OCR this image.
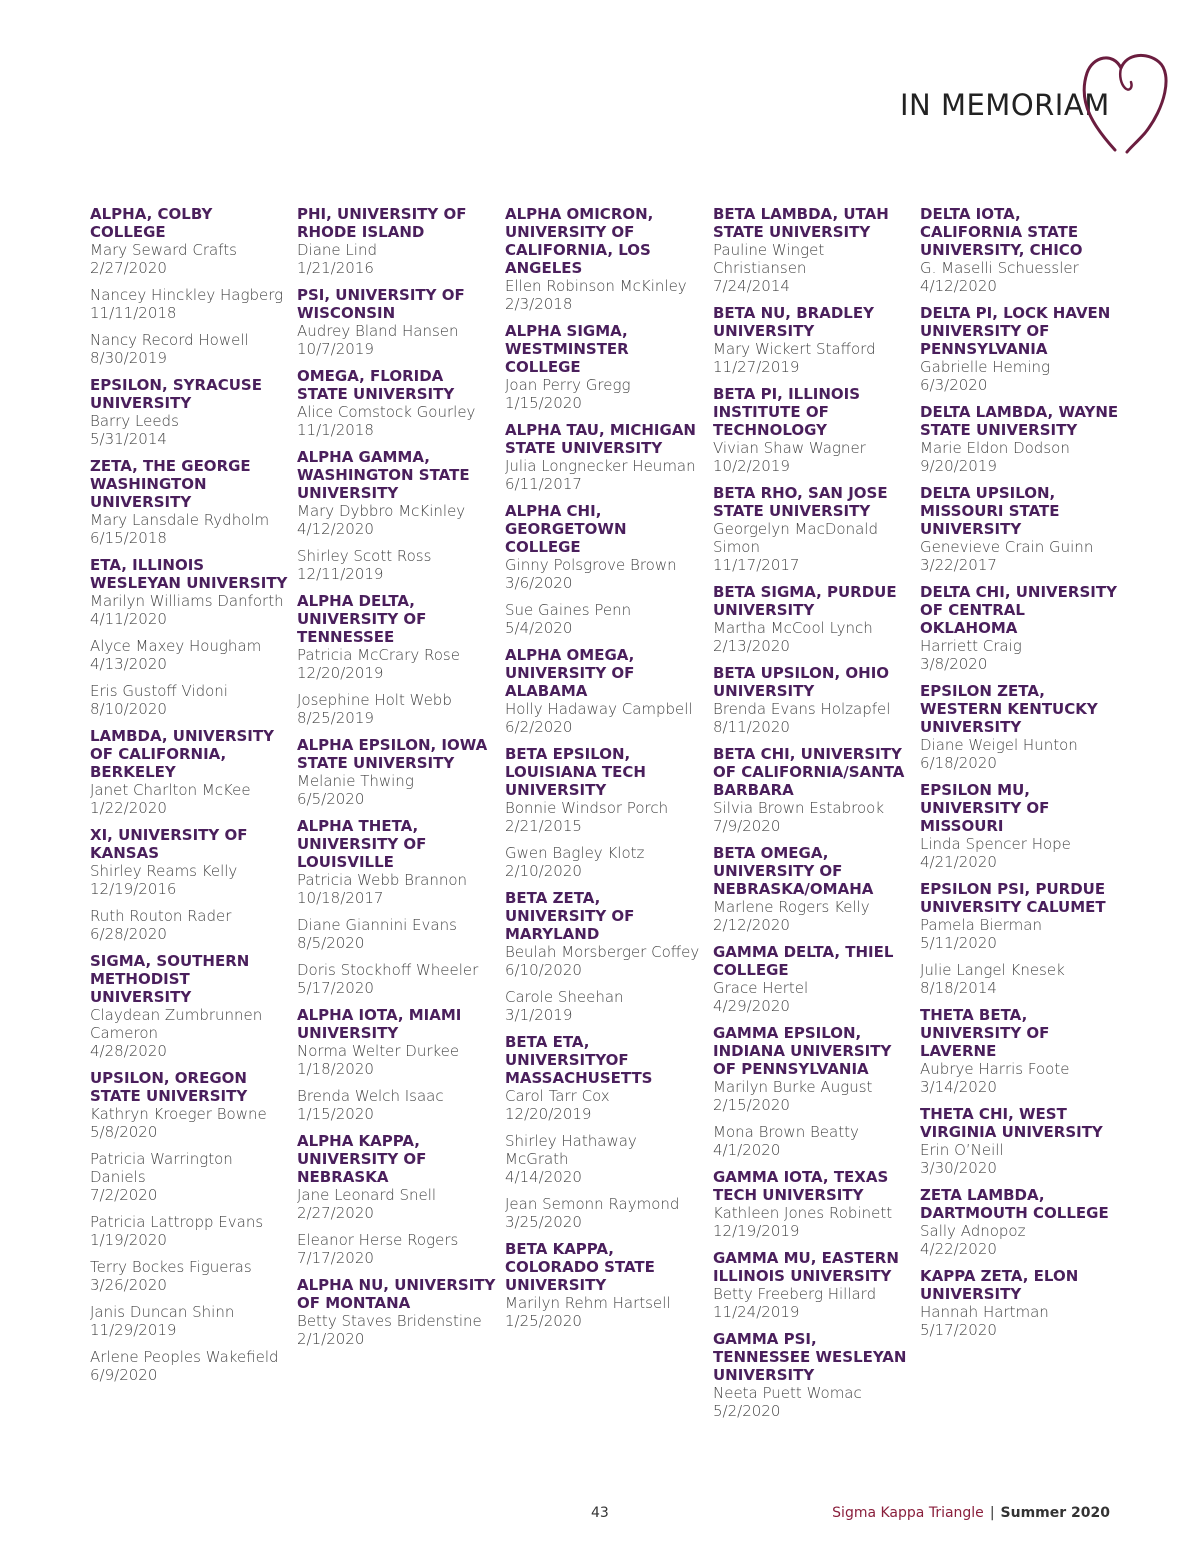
IN MEMORIAM
ALPHA, COLBY COLLEGE
Mary Seward Crafts
2/27/2020
Nancey Hinckley Hagberg
11/11/2018
Nancy Record Howell
8/30/2019
EPSILON, SYRACUSE UNIVERSITY
Barry Leeds
5/31/2014
ZETA, THE GEORGE WASHINGTON UNIVERSITY
Mary Lansdale Rydholm
6/15/2018
ETA, ILLINOIS WESLEYAN UNIVERSITY
Marilyn Williams Danforth
4/11/2020
Alyce Maxey Hougham
4/13/2020
Eris Gustoff Vidoni
8/10/2020
LAMBDA, UNIVERSITY OF CALIFORNIA, BERKELEY
Janet Charlton McKee
1/22/2020
XI, UNIVERSITY OF KANSAS
Shirley Reams Kelly
12/19/2016
Ruth Routon Rader
6/28/2020
SIGMA, SOUTHERN METHODIST UNIVERSITY
Claydean Zumbrunnen Cameron
4/28/2020
UPSILON, OREGON STATE UNIVERSITY
Kathryn Kroeger Bowne
5/8/2020
Patricia Warrington Daniels
7/2/2020
Patricia Lattropp Evans
1/19/2020
Terry Bockes Figueras
3/26/2020
Janis Duncan Shinn
11/29/2019
Arlene Peoples Wakefield
6/9/2020
PHI, UNIVERSITY OF RHODE ISLAND
Diane Lind
1/21/2016
PSI, UNIVERSITY OF WISCONSIN
Audrey Bland Hansen
10/7/2019
OMEGA, FLORIDA STATE UNIVERSITY
Alice Comstock Gourley
11/1/2018
ALPHA GAMMA, WASHINGTON STATE UNIVERSITY
Mary Dybbro McKinley
4/12/2020
Shirley Scott Ross
12/11/2019
ALPHA DELTA, UNIVERSITY OF TENNESSEE
Patricia McCrary Rose
12/20/2019
Josephine Holt Webb
8/25/2019
ALPHA EPSILON, IOWA STATE UNIVERSITY
Melanie Thwing
6/5/2020
ALPHA THETA, UNIVERSITY OF LOUISVILLE
Patricia Webb Brannon
10/18/2017
Diane Giannini Evans
8/5/2020
Doris Stockhoff Wheeler
5/17/2020
ALPHA IOTA, MIAMI UNIVERSITY
Norma Welter Durkee
1/18/2020
Brenda Welch Isaac
1/15/2020
ALPHA KAPPA, UNIVERSITY OF NEBRASKA
Jane Leonard Snell
2/27/2020
Eleanor Herse Rogers
7/17/2020
ALPHA NU, UNIVERSITY OF MONTANA
Betty Staves Bridenstine
2/1/2020
ALPHA OMICRON, UNIVERSITY OF CALIFORNIA, LOS ANGELES
Ellen Robinson McKinley
2/3/2018
ALPHA SIGMA, WESTMINSTER COLLEGE
Joan Perry Gregg
1/15/2020
ALPHA TAU, MICHIGAN STATE UNIVERSITY
Julia Longnecker Heuman
6/11/2017
ALPHA CHI, GEORGETOWN COLLEGE
Ginny Polsgrove Brown
3/6/2020
Sue Gaines Penn
5/4/2020
ALPHA OMEGA, UNIVERSITY OF ALABAMA
Holly Hadaway Campbell
6/2/2020
BETA EPSILON, LOUISIANA TECH UNIVERSITY
Bonnie Windsor Porch
2/21/2015
Gwen Bagley Klotz
2/10/2020
BETA ZETA, UNIVERSITY OF MARYLAND
Beulah Morsberger Coffey
6/10/2020
Carole Sheehan
3/1/2019
BETA ETA, UNIVERSITYOF MASSACHUSETTS
Carol Tarr Cox
12/20/2019
Shirley Hathaway McGrath
4/14/2020
Jean Semonn Raymond
3/25/2020
BETA KAPPA, COLORADO STATE UNIVERSITY
Marilyn Rehm Hartsell
1/25/2020
BETA LAMBDA, UTAH STATE UNIVERSITY
Pauline Winget Christiansen
7/24/2014
BETA NU, BRADLEY UNIVERSITY
Mary Wickert Stafford
11/27/2019
BETA PI, ILLINOIS INSTITUTE OF TECHNOLOGY
Vivian Shaw Wagner
10/2/2019
BETA RHO, SAN JOSE STATE UNIVERSITY
Georgelyn MacDonald Simon
11/17/2017
BETA SIGMA, PURDUE UNIVERSITY
Martha McCool Lynch
2/13/2020
BETA UPSILON, OHIO UNIVERSITY
Brenda Evans Holzapfel
8/11/2020
BETA CHI, UNIVERSITY OF CALIFORNIA/SANTA BARBARA
Silvia Brown Estabrook
7/9/2020
BETA OMEGA, UNIVERSITY OF NEBRASKA/OMAHA
Marlene Rogers Kelly
2/12/2020
GAMMA DELTA, THIEL COLLEGE
Grace Hertel
4/29/2020
GAMMA EPSILON, INDIANA UNIVERSITY OF PENNSYLVANIA
Marilyn Burke August
2/15/2020
Mona Brown Beatty
4/1/2020
GAMMA IOTA, TEXAS TECH UNIVERSITY
Kathleen Jones Robinett
12/19/2019
GAMMA MU, EASTERN ILLINOIS UNIVERSITY
Betty Freeberg Hillard
11/24/2019
GAMMA PSI, TENNESSEE WESLEYAN UNIVERSITY
Neeta Puett Womac
5/2/2020
DELTA IOTA, CALIFORNIA STATE UNIVERSITY, CHICO
G. Maselli Schuessler
4/12/2020
DELTA PI, LOCK HAVEN UNIVERSITY OF PENNSYLVANIA
Gabrielle Heming
6/3/2020
DELTA LAMBDA, WAYNE STATE UNIVERSITY
Marie Eldon Dodson
9/20/2019
DELTA UPSILON, MISSOURI STATE UNIVERSITY
Genevieve Crain Guinn
3/22/2017
DELTA CHI, UNIVERSITY OF CENTRAL OKLAHOMA
Harriett Craig
3/8/2020
EPSILON ZETA, WESTERN KENTUCKY UNIVERSITY
Diane Weigel Hunton
6/18/2020
EPSILON MU, UNIVERSITY OF MISSOURI
Linda Spencer Hope
4/21/2020
EPSILON PSI, PURDUE UNIVERSITY CALUMET
Pamela Bierman
5/11/2020
Julie Langel Knesek
8/18/2014
THETA BETA, UNIVERSITY OF LAVERNE
Aubrye Harris Foote
3/14/2020
THETA CHI, WEST VIRGINIA UNIVERSITY
Erin O’Neill
3/30/2020
ZETA LAMBDA, DARTMOUTH COLLEGE
Sally Adnopoz
4/22/2020
KAPPA ZETA, ELON UNIVERSITY
Hannah Hartman
5/17/2020
43	Sigma Kappa Triangle | Summer 2020
